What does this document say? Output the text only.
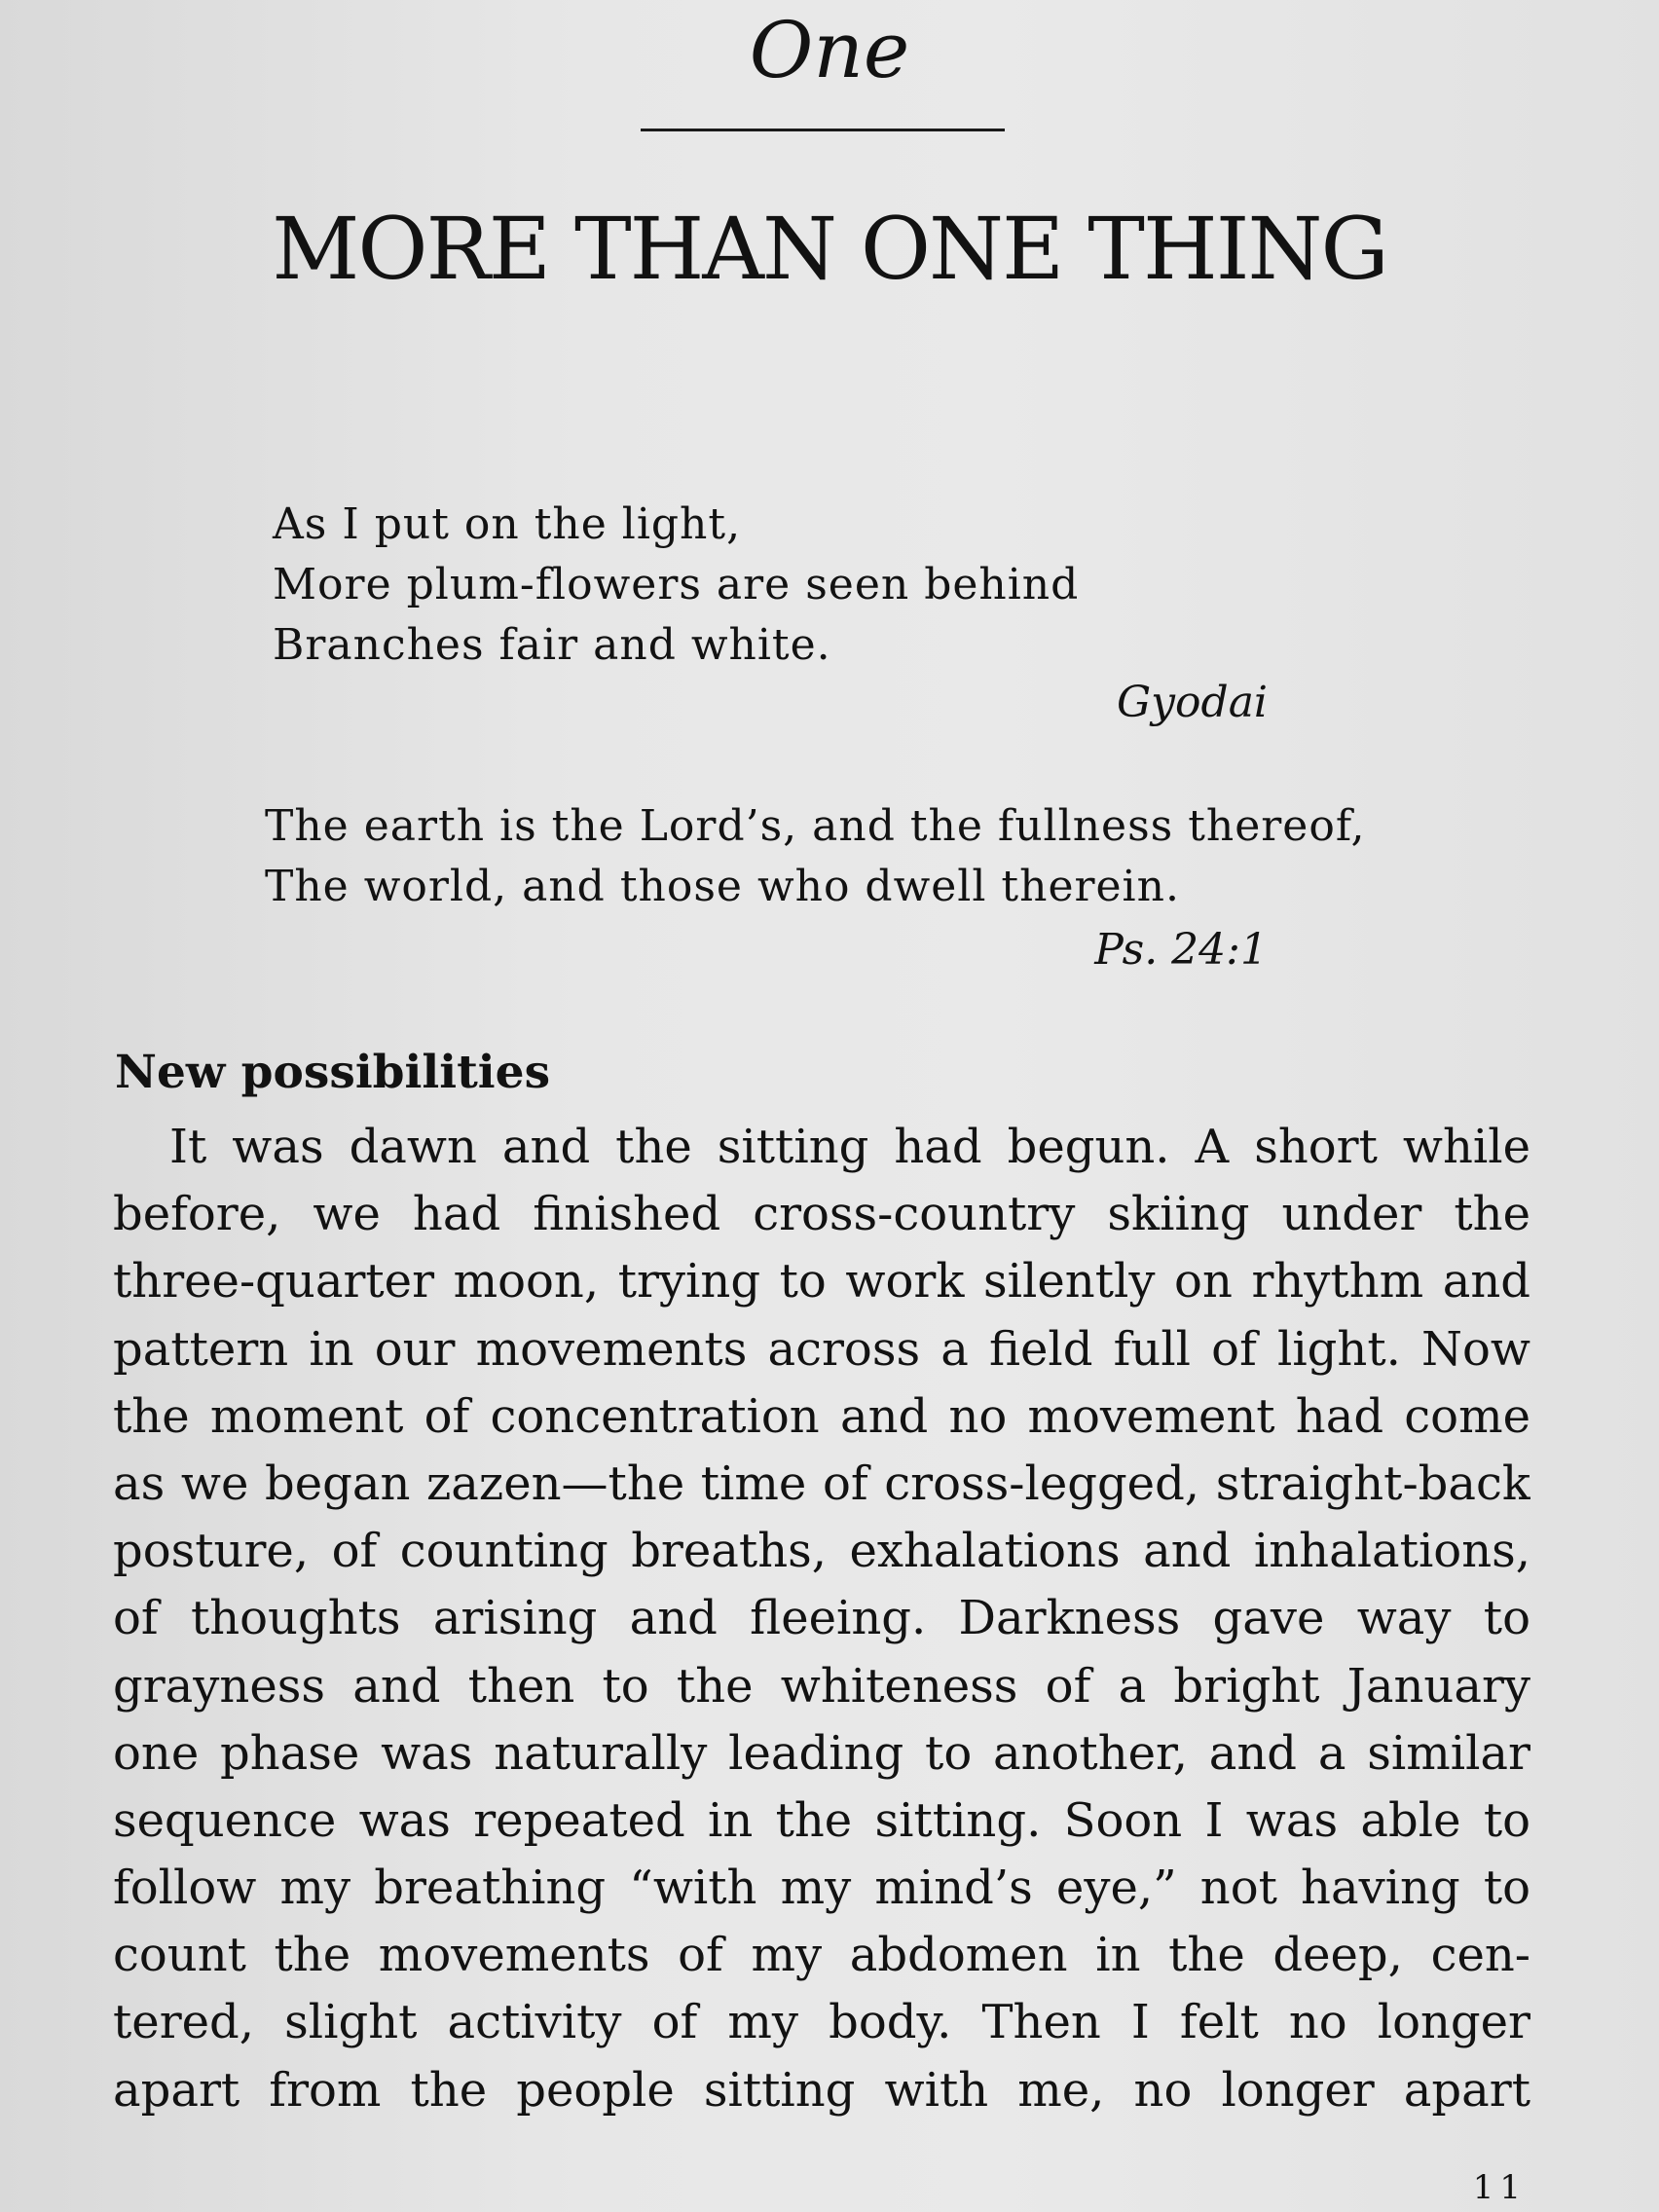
One
MORE THAN ONE THING
As I put on the light,
More plum-flowers are seen behind
Branches fair and white.
Gyodai
The earth is the Lord’s, and the fullness thereof,
The world, and those who dwell therein.
Ps. 24:1
New possibilities
It was dawn and the sitting had begun. A short while
before, we had finished cross-country skiing under the
three-quarter moon, trying to work silently on rhythm and
pattern in our movements across a field full of light. Now
the moment of concentration and no movement had come
as we began zazen—the time of cross-legged, straight-back
posture, of counting breaths, exhalations and inhalations,
of thoughts arising and fleeing. Darkness gave way to
grayness and then to the whiteness of a bright January
one phase was naturally leading to another, and a similar
sequence was repeated in the sitting. Soon I was able to
follow my breathing “with my mind’s eye,” not having to
count the movements of my abdomen in the deep, cen-
tered, slight activity of my body. Then I felt no longer
apart from the people sitting with me, no longer apart
11
